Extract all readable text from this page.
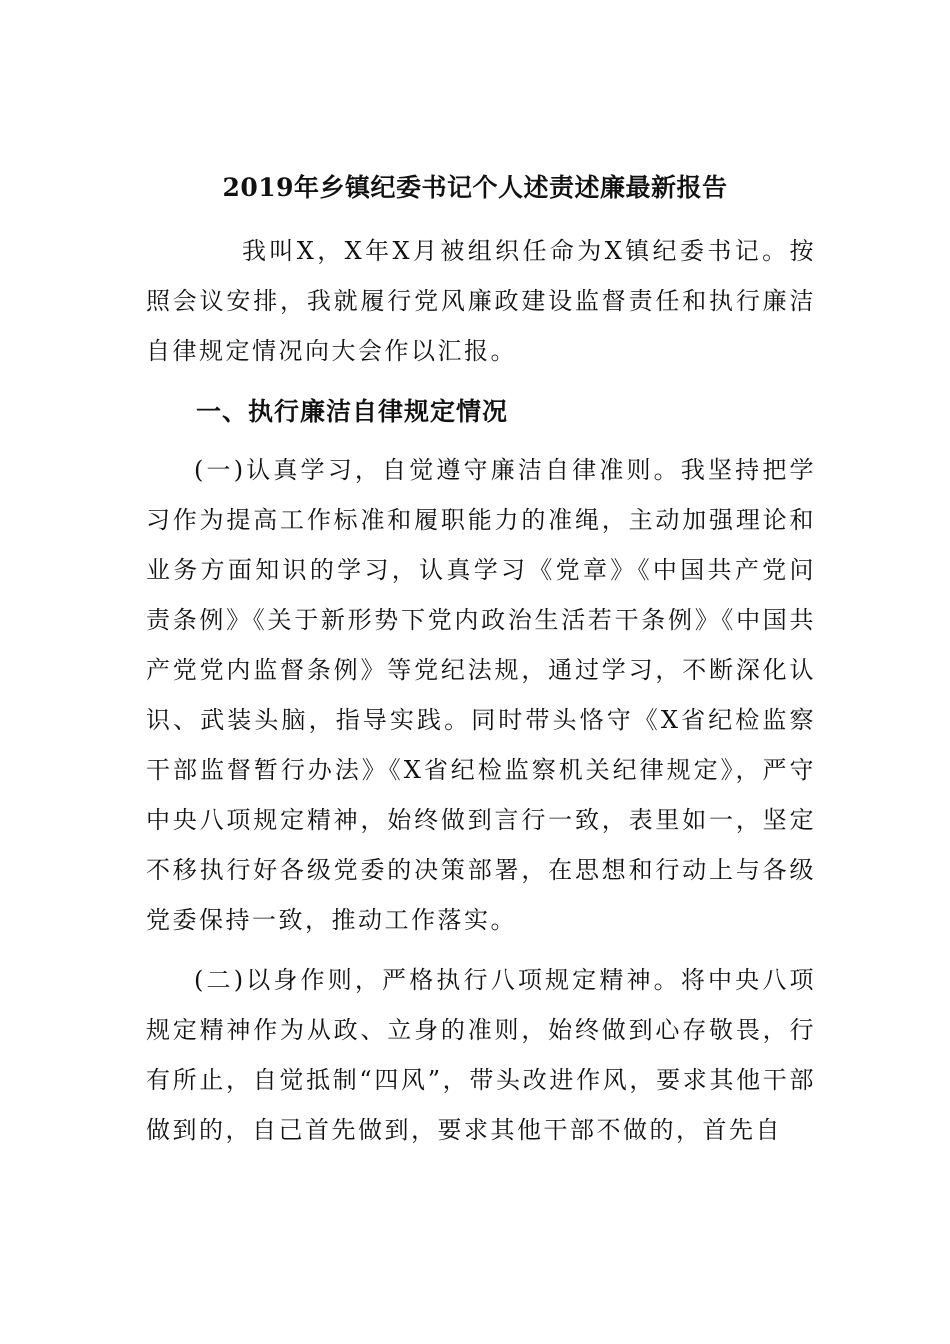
2019年乡镇纪委书记个人述责述廉最新报告

我叫X，X年X月被组织任命为X镇纪委书记。按照会议安排，我就履行党风廉政建设监督责任和执行廉洁自律规定情况向大会作以汇报。

一、执行廉洁自律规定情况

(一)认真学习，自觉遵守廉洁自律准则。我坚持把学习作为提高工作标准和履职能力的准绳，主动加强理论和业务方面知识的学习，认真学习《党章》《中国共产党问责条例》《关于新形势下党内政治生活若干条例》《中国共产党党内监督条例》等党纪法规，通过学习，不断深化认识、武装头脑，指导实践。同时带头恪守《X省纪检监察干部监督暂行办法》《X省纪检监察机关纪律规定》，严守中央八项规定精神，始终做到言行一致，表里如一，坚定不移执行好各级党委的决策部署，在思想和行动上与各级党委保持一致，推动工作落实。

(二)以身作则，严格执行八项规定精神。将中央八项规定精神作为从政、立身的准则，始终做到心存敬畏，行有所止，自觉抵制“四风”，带头改进作风，要求其他干部做到的，自己首先做到，要求其他干部不做的，首先自
